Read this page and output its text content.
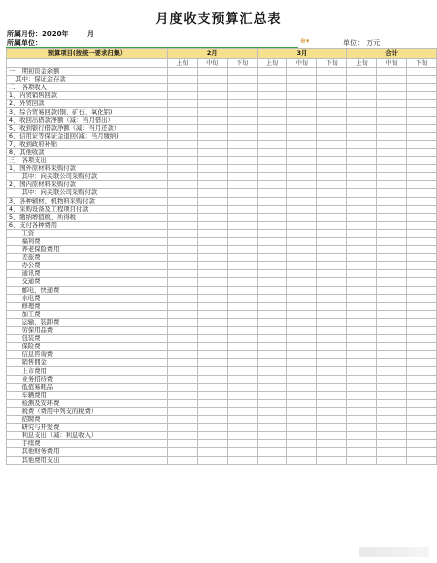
月度收支预算汇总表
所属月份：2020年	月
所属单位：	⊕▾	单位： 万元
预算项目(按统一要求归集）	2月			3月			合计		
	上旬	中旬	下旬	上旬	中旬	下旬	上旬	中旬	下旬
一　期初资金余额									
　其中：保证金存款									
二　各项收入									
1、内贸销售回款									
2、外贸回款									
3、综合贸易回款(铜、矿石、氧化铝)									
4、收回出借款净额（减：当月借出）									
5、收到银行借款净额（减：当月还款）									
6、信用证等保证金退回(减：当月缴纳)									
7、收到政府补贴									
8、其他收款									
三　各项支出									
1、国外原材料采购付款									
　　其中：向关联公司采购付款									
2、国内原材料采购付款									
　　其中：向关联公司采购付款									
3、各种辅材、机物料采购付款									
4、采购设备及工程项目付款									
5、缴纳增值税、所得税									
6、支付各种费用									
　　工资									
　　福利费									
　　养老保险费用									
　　差旅费									
　　办公费									
　　通讯费									
　　交通费									
　　邮电、快递费									
　　水电费									
　　修理费									
　　加工费									
　　运输、装卸费									
　　劳保用品费									
　　包装费									
　　保险费									
　　信息咨询费									
　　销售佣金									
　　上市费用									
　　业务招待费									
　　低值易耗品									
　　车辆费用									
　　检测及安环费									
　　税费（费用中列支的税费）									
　　招聘费									
　　研究与开发费									
　　利息支出（减：利息收入）									
　　手续费									
　　其他财务费用									
　　其他费用支出									
